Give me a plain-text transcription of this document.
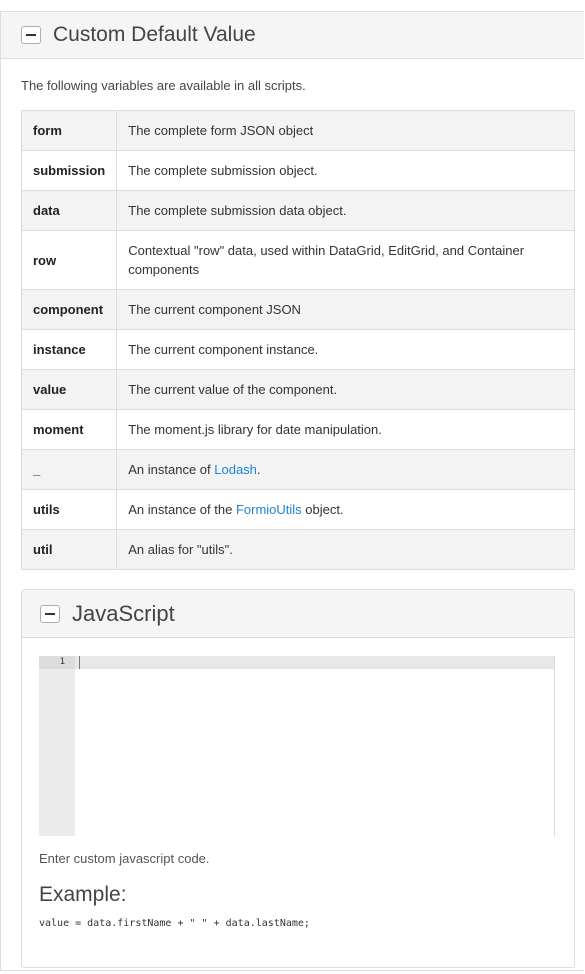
Custom Default Value
The following variables are available in all scripts.
form	The complete form JSON object
submission	The complete submission object.
data	The complete submission data object.
row	Contextual "row" data, used within DataGrid, EditGrid, and Container components
component	The current component JSON
instance	The current component instance.
value	The current value of the component.
moment	The moment.js library for date manipulation.
_	An instance of Lodash.
utils	An instance of the FormioUtils object.
util	An alias for "utils".
JavaScript
1
Enter custom javascript code.
Example:
value = data.firstName + " " + data.lastName;
